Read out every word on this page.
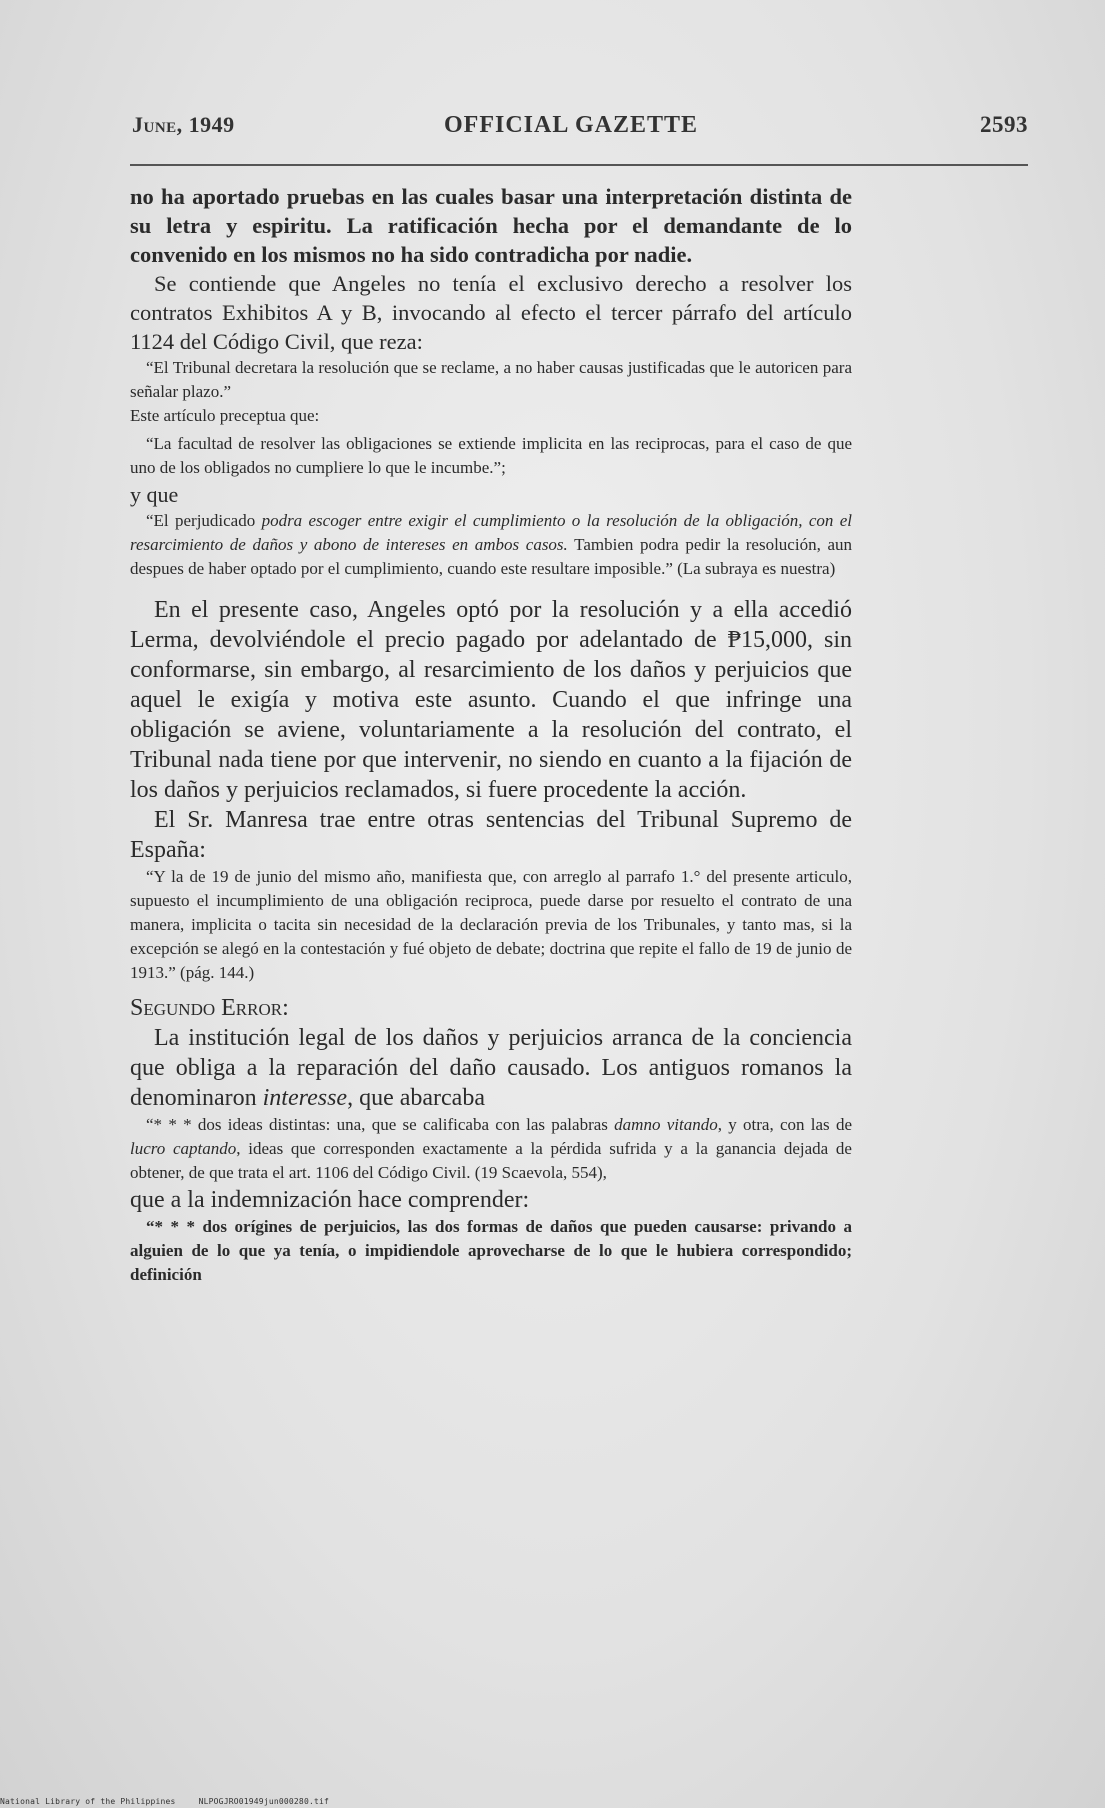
June, 1949	OFFICIAL GAZETTE	2593

no ha aportado pruebas en las cuales basar una interpretación distinta de su letra y espiritu. La ratificación hecha por el demandante de lo convenido en los mismos no ha sido contradicha por nadie.

Se contiende que Angeles no tenía el exclusivo derecho a resolver los contratos Exhibitos A y B, invocando al efecto el tercer párrafo del artículo 1124 del Código Civil, que reza:

“El Tribunal decretara la resolución que se reclame, a no haber causas justificadas que le autoricen para señalar plazo.”

Este artículo preceptua que:

“La facultad de resolver las obligaciones se extiende implicita en las reciprocas, para el caso de que uno de los obligados no cumpliere lo que le incumbe.”;

y que

“El perjudicado podra escoger entre exigir el cumplimiento o la resolución de la obligación, con el resarcimiento de daños y abono de intereses en ambos casos. Tambien podra pedir la resolución, aun despues de haber optado por el cumplimiento, cuando este resultare imposible.” (La subraya es nuestra)

En el presente caso, Angeles optó por la resolución y a ella accedió Lerma, devolviéndole el precio pagado por adelantado de ₱15,000, sin conformarse, sin embargo, al resarcimiento de los daños y perjuicios que aquel le exigía y motiva este asunto. Cuando el que infringe una obligación se aviene, voluntariamente a la resolución del contrato, el Tribunal nada tiene por que intervenir, no siendo en cuanto a la fijación de los daños y perjuicios reclamados, si fuere procedente la acción.

El Sr. Manresa trae entre otras sentencias del Tribunal Supremo de España:

“Y la de 19 de junio del mismo año, manifiesta que, con arreglo al parrafo 1.° del presente articulo, supuesto el incumplimiento de una obligación reciproca, puede darse por resuelto el contrato de una manera, implicita o tacita sin necesidad de la declaración previa de los Tribunales, y tanto mas, si la excepción se alegó en la contestación y fué objeto de debate; doctrina que repite el fallo de 19 de junio de 1913.” (pág. 144.)

Segundo Error:

La institución legal de los daños y perjuicios arranca de la conciencia que obliga a la reparación del daño causado. Los antiguos romanos la denominaron interesse, que abarcaba

“* * * dos ideas distintas: una, que se calificaba con las palabras damno vitando, y otra, con las de lucro captando, ideas que corresponden exactamente a la pérdida sufrida y a la ganancia dejada de obtener, de que trata el art. 1106 del Código Civil. (19 Scaevola, 554),

que a la indemnización hace comprender:

“* * * dos orígines de perjuicios, las dos formas de daños que pueden causarse: privando a alguien de lo que ya tenía, o impidiendole aprovecharse de lo que le hubiera correspondido; definición

National Library of the Philippines	NLPOGJRO01949jun000280.tif
